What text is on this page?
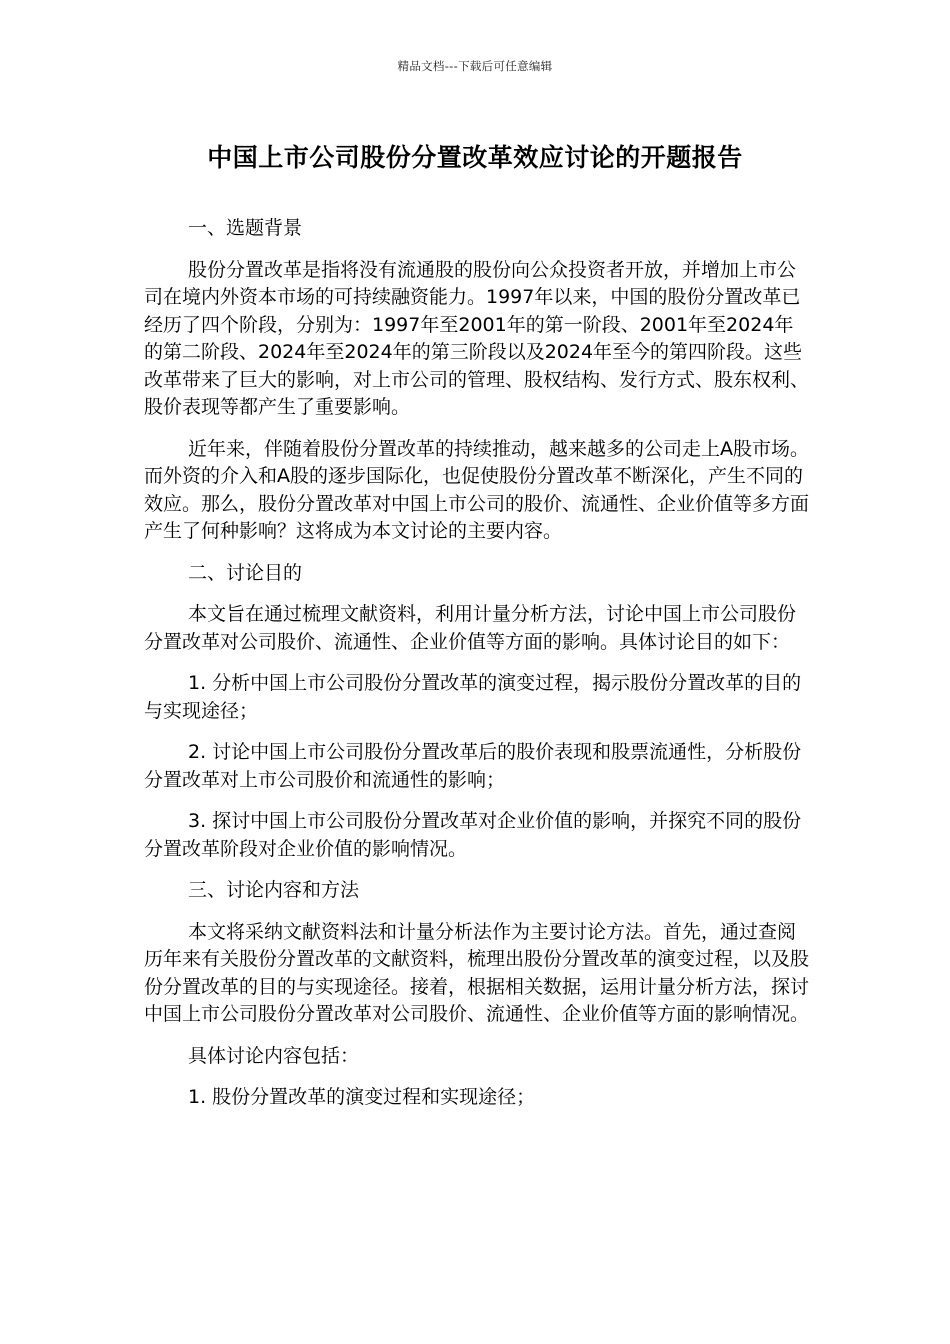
精品文档---下载后可任意编辑
中国上市公司股份分置改革效应讨论的开题报告

一、选题背景

股份分置改革是指将没有流通股的股份向公众投资者开放，并增加上市公司在境内外资本市场的可持续融资能力。1997年以来，中国的股份分置改革已经历了四个阶段，分别为：1997年至2001年的第一阶段、2001年至2024年的第二阶段、2024年至2024年的第三阶段以及2024年至今的第四阶段。这些改革带来了巨大的影响，对上市公司的管理、股权结构、发行方式、股东权利、股价表现等都产生了重要影响。

近年来，伴随着股份分置改革的持续推动，越来越多的公司走上A股市场。而外资的介入和A股的逐步国际化，也促使股份分置改革不断深化，产生不同的效应。那么，股份分置改革对中国上市公司的股价、流通性、企业价值等多方面产生了何种影响？这将成为本文讨论的主要内容。

二、讨论目的

本文旨在通过梳理文献资料，利用计量分析方法，讨论中国上市公司股份分置改革对公司股价、流通性、企业价值等方面的影响。具体讨论目的如下：

1. 分析中国上市公司股份分置改革的演变过程，揭示股份分置改革的目的与实现途径；

2. 讨论中国上市公司股份分置改革后的股价表现和股票流通性，分析股份分置改革对上市公司股价和流通性的影响；

3. 探讨中国上市公司股份分置改革对企业价值的影响，并探究不同的股份分置改革阶段对企业价值的影响情况。

三、讨论内容和方法

本文将采纳文献资料法和计量分析法作为主要讨论方法。首先，通过查阅历年来有关股份分置改革的文献资料，梳理出股份分置改革的演变过程，以及股份分置改革的目的与实现途径。接着，根据相关数据，运用计量分析方法，探讨中国上市公司股份分置改革对公司股价、流通性、企业价值等方面的影响情况。

具体讨论内容包括：

1. 股份分置改革的演变过程和实现途径；
